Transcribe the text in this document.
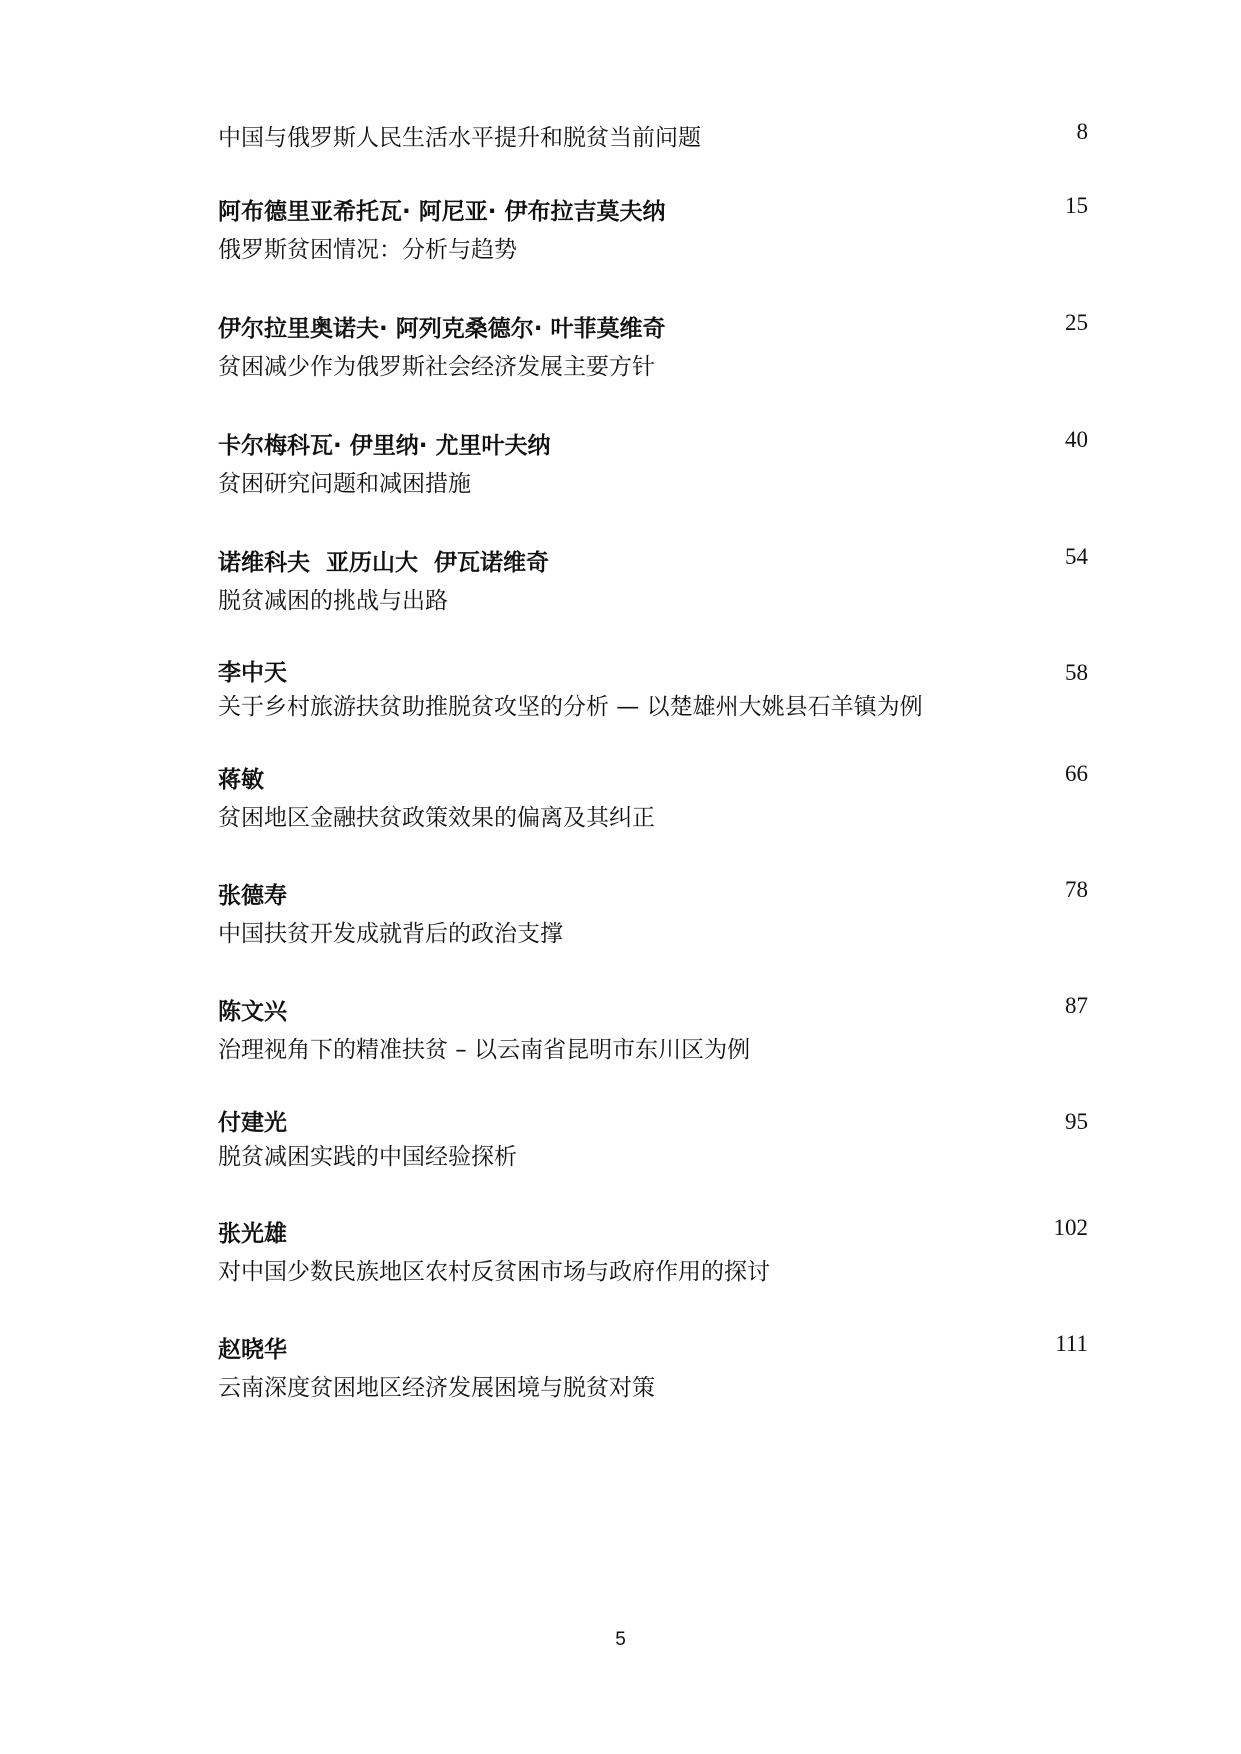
8
中国与俄罗斯人民生活水平提升和脱贫当前问题
15
阿布德里亚希托瓦· 阿尼亚· 伊布拉吉莫夫纳
俄罗斯贫困情况：分析与趋势
25
伊尔拉里奥诺夫· 阿列克桑德尔· 叶菲莫维奇
贫困减少作为俄罗斯社会经济发展主要方针
40
卡尔梅科瓦· 伊里纳· 尤里叶夫纳
贫困研究问题和减困措施
54
诺维科夫  亚历山大  伊瓦诺维奇
脱贫减困的挑战与出路
58
李中天
关于乡村旅游扶贫助推脱贫攻坚的分析 — 以楚雄州大姚县石羊镇为例
66
蒋敏
贫困地区金融扶贫政策效果的偏离及其纠正
78
张德寿
中国扶贫开发成就背后的政治支撑
87
陈文兴
治理视角下的精准扶贫 – 以云南省昆明市东川区为例
95
付建光
脱贫减困实践的中国经验探析
102
张光雄
对中国少数民族地区农村反贫困市场与政府作用的探讨
111
赵晓华
云南深度贫困地区经济发展困境与脱贫对策
5
